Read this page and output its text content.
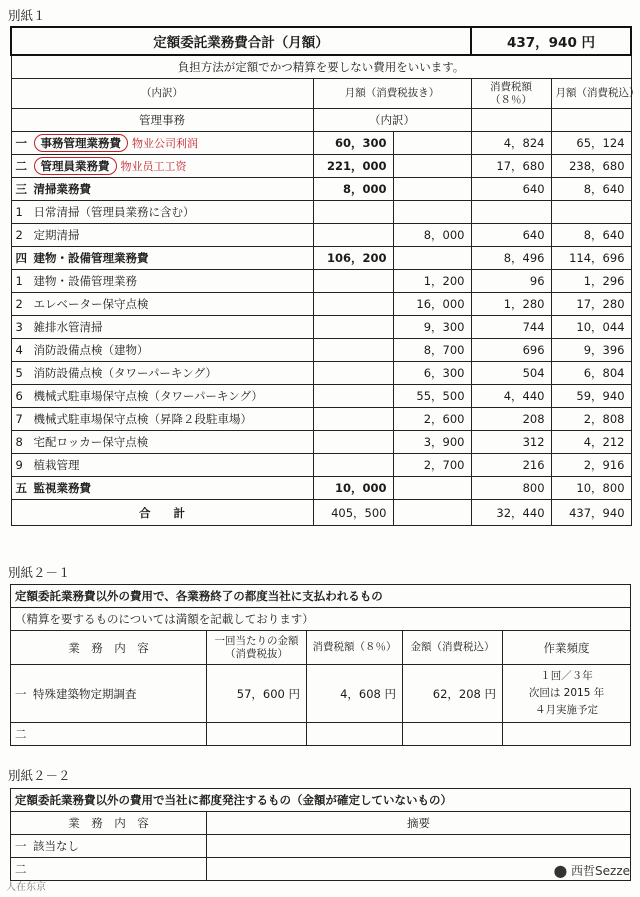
別紙１
定額委託業務費合計（月額）			437，940 円	
負担方法が定額でかつ精算を要しない費用をいいます。				
（内訳）	月額（消費税抜き）		消費税額（８％）	月額（消費税込）
管理事務	（内訳）			
一 事務管理業務費 物业公司利润	60，300		4，824	65，124
二 管理員業務費 物业员工工资	221，000		17，680	238，680
三 清掃業務費	8，000		640	8，640
1 日常清掃（管理員業務に含む）				
2 定期清掃		8，000	640	8，640
四 建物・設備管理業務費	106，200		8，496	114，696
1 建物・設備管理業務		1，200	96	1，296
2 エレベーター保守点検		16，000	1，280	17，280
3 雑排水管清掃		9，300	744	10，044
4 消防設備点検（建物）		8，700	696	9，396
5 消防設備点検（タワーパーキング）		6，300	504	6，804
6 機械式駐車場保守点検（タワーパーキング）		55，500	4，440	59，940
7 機械式駐車場保守点検（昇降２段駐車場）		2，600	208	2，808
8 宅配ロッカー保守点検		3，900	312	4，212
9 植栽管理		2，700	216	2，916
五 監視業務費	10，000		800	10，800
合　　計	405，500		32，440	437，940
別紙２－１
定額委託業務費以外の費用で、各業務終了の都度当社に支払われるもの				
（精算を要するものについては満額を記載しております）				
業　務　内　容	一回当たりの金額（消費税抜）	消費税額（８％）	金額（消費税込）	作業頻度
一 特殊建築物定期調査	57，600 円	4，608 円	62，208 円	１回／３年
次回は 2015 年
４月実施予定

二				
別紙２－２
定額委託業務費以外の費用で当社に都度発注するもの（金額が確定していないもの）	
業　務　内　容	摘要
一 該当なし	
二	
人在东京
⬤ 西哲Sezze
